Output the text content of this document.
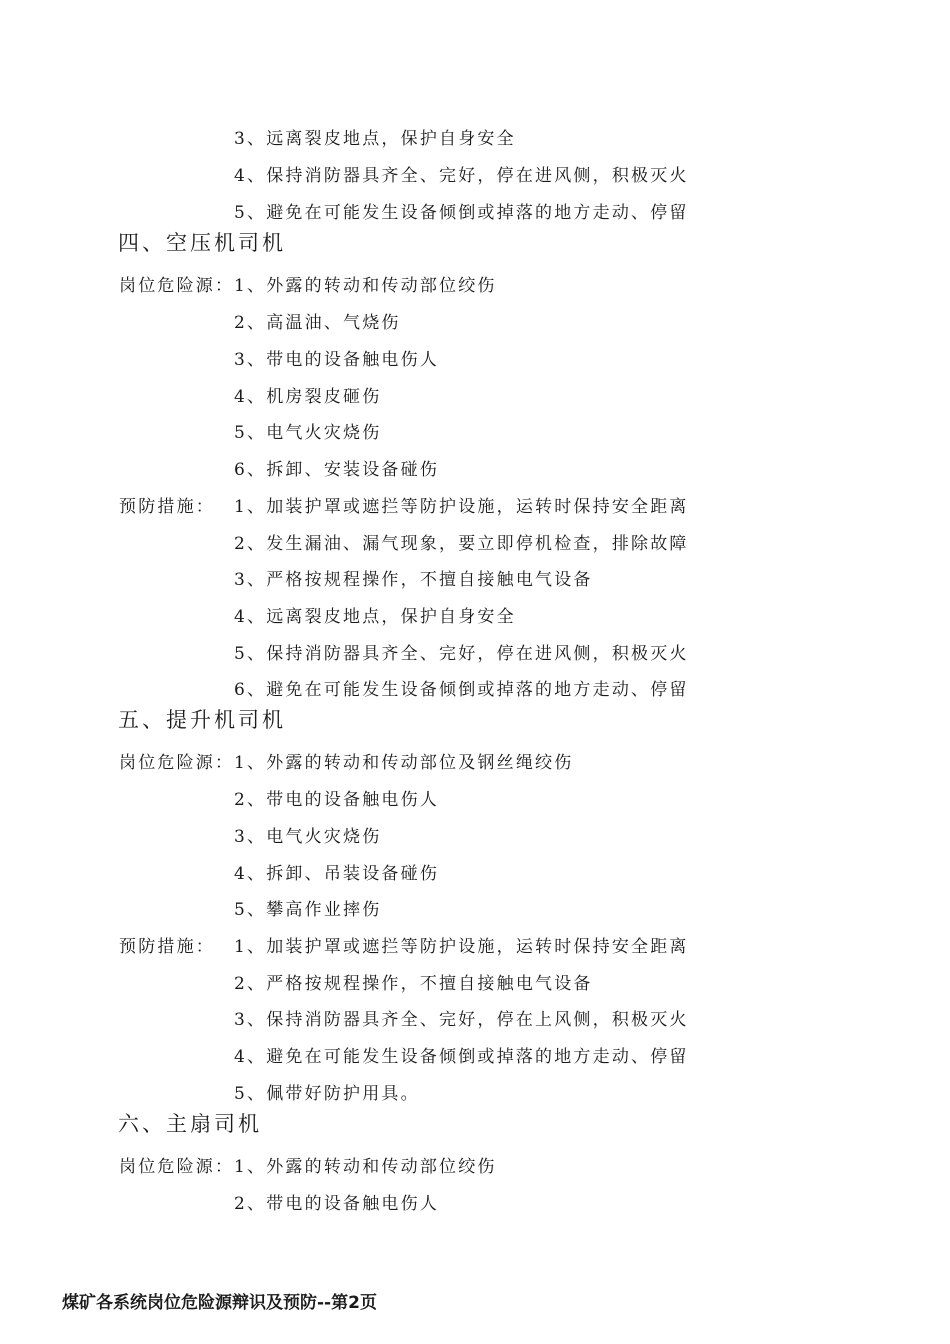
3、远离裂皮地点，保护自身安全
4、保持消防器具齐全、完好，停在进风侧，积极灭火
5、避免在可能发生设备倾倒或掉落的地方走动、停留
四、空压机司机
岗位危险源： 1、外露的转动和传动部位绞伤
2、高温油、气烧伤
3、带电的设备触电伤人
4、机房裂皮砸伤
5、电气火灾烧伤
6、拆卸、安装设备碰伤
预防措施： 1、加装护罩或遮拦等防护设施，运转时保持安全距离
2、发生漏油、漏气现象，要立即停机检查，排除故障
3、严格按规程操作，不擅自接触电气设备
4、远离裂皮地点，保护自身安全
5、保持消防器具齐全、完好，停在进风侧，积极灭火
6、避免在可能发生设备倾倒或掉落的地方走动、停留
五、提升机司机
岗位危险源： 1、外露的转动和传动部位及钢丝绳绞伤
2、带电的设备触电伤人
3、电气火灾烧伤
4、拆卸、吊装设备碰伤
5、攀高作业摔伤
预防措施： 1、加装护罩或遮拦等防护设施，运转时保持安全距离
2、严格按规程操作，不擅自接触电气设备
3、保持消防器具齐全、完好，停在上风侧，积极灭火
4、避免在可能发生设备倾倒或掉落的地方走动、停留
5、佩带好防护用具。
六、主扇司机
岗位危险源： 1、外露的转动和传动部位绞伤
2、带电的设备触电伤人
煤矿各系统岗位危险源辩识及预防--第2页
